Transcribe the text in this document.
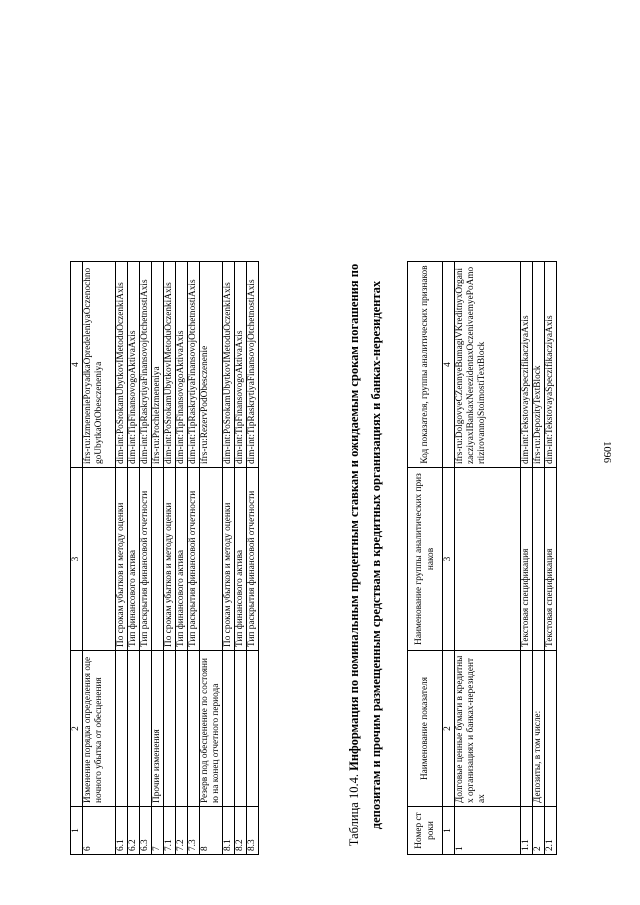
1096
1	2	3	4
6	Изменение порядка определения оценочного убытка от обесценения		ifrs-ru:IzmeneniePoryadkaOpredeleniyaOczenochnogoUbytkaOtObesczeneniya
6.1		По срокам убытков и методу оценки	dim-int:PoSrokamUbytkovIMetoduOczenkiAxis
6.2		Тип финансового актива	dim-int:TipFinansovogoAktivaAxis
6.3		Тип раскрытия финансовой отчетности	dim-int:TipRaskrytiyaFinansovojOtchetnostiAxis
7	Прочие изменения		ifrs-ru:ProchieIzmeneniya
7.1		По срокам убытков и методу оценки	dim-int:PoSrokamUbytkovIMetoduOczenkiAxis
7.2		Тип финансового актива	dim-int:TipFinansovogoAktivaAxis
7.3		Тип раскрытия финансовой отчетности	dim-int:TipRaskrytiyaFinansovojOtchetnostiAxis
8	Резерв под обесценение по состоянию на конец отчетного периода		ifrs-ru:RezervPodObesczenenie
8.1		По срокам убытков и методу оценки	dim-int:PoSrokamUbytkovIMetoduOczenkiAxis
8.2		Тип финансового актива	dim-int:TipFinansovogoAktivaAxis
8.3		Тип раскрытия финансовой отчетности	dim-int:TipRaskrytiyaFinansovojOtchetnostiAxis
Таблица 10.4. Информация по номинальным процентным ставкам и ожидаемым срокам погашения по депозитам и прочим размещенным средствам в кредитных организациях и банках-нерезидентах
Номер строки	Наименование показателя	Наименование группы аналитических признаков	Код показателя, группы аналитических признаков
1	2	3	4
1	Долговые ценные бумаги в кредитных организациях и банках-нерезидентах		ifrs-ru:DolgovyeCZennyeBumagiVKreditnyxOrganizacziyaxIBankaxNerezidentaxOczenivaemyePoAmortizirovannojStoimostiTextBlock
1.1		Текстовая спецификация	dim-int:TekstovayaSpeczifikacziyaAxis
2	Депозиты, в том числе:		ifrs-ru:DepozityTextBlock
2.1		Текстовая спецификация	dim-int:TekstovayaSpeczifikacziyaAxis
